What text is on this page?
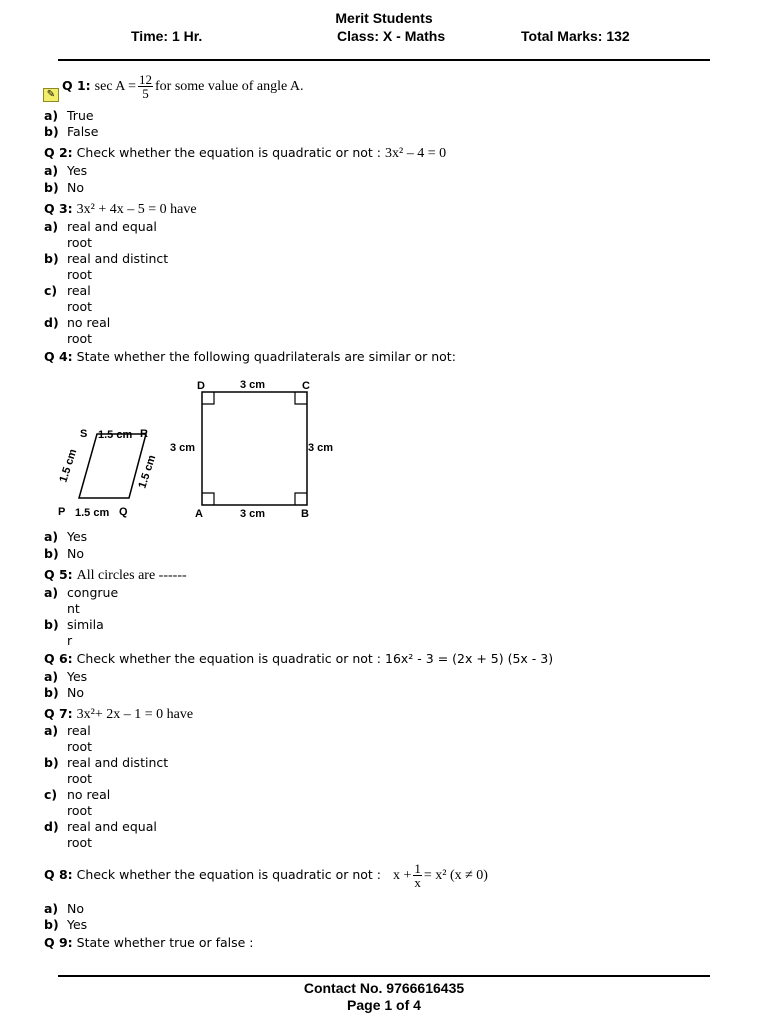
Merit Students
Time: 1 Hr.	Class: X - Maths	Total Marks: 132
✎
Q 1: $\sec A = \frac{12}{5}$ for some value of angle A.
a) True
b) False
Q 2: Check whether the equation is quadratic or not : 3x² – 4 = 0
a) Yes
b) No
Q 3: 3x² + 4x – 5 = 0 have
a) real and equal
root
b) real and distinct
root
c) real
root
d) no real
root
Q 4: State whether the following quadrilaterals are similar or not:
S 1.5 cm R
1.5 cm	1.5 cm
P 1.5 cm Q
D	3 cm	C
3 cm	3 cm
A	3 cm	B
a) Yes
b) No
Q 5: All circles are ------
a) congrue
nt
b) simila
r
Q 6: Check whether the equation is quadratic or not : 16x² - 3 = (2x + 5) (5x - 3)
a) Yes
b) No
Q 7: 3x²+ 2x – 1 = 0 have
a) real
root
b) real and distinct
root
c) no real
root
d) real and equal
root
Q 8: Check whether the equation is quadratic or not :   $x + \frac{1}{x} = x^2$ (x ≠ 0)
a) No
b) Yes
Q 9: State whether true or false :
Contact No. 9766616435
Page 1 of 4
